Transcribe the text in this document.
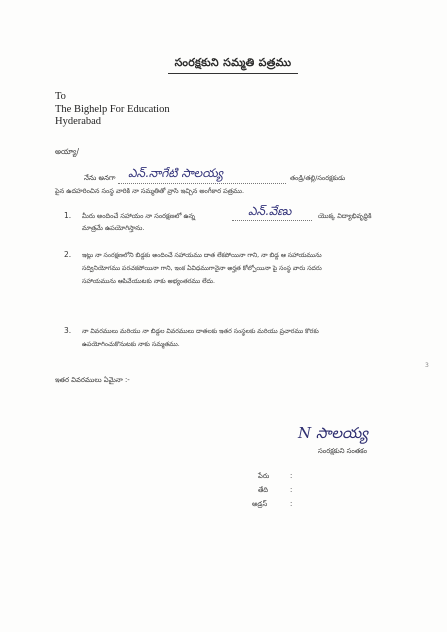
సంరక్షకుని సమ్మతి పత్రము
To
The Bighelp For Education
Hyderabad
అయ్యా/
నేను అనగా ఎన్.నాగేటి సాలయ్య	తండ్రి/తల్లి/సంరక్షకుడు
పైన ఉదహరించిన సంస్థ వారికి నా సమ్మతితో వ్రాసి ఇచ్చిన అంగీకార పత్రము.
1. మీరు అందించే సహాయం నా సంరక్షణలో ఉన్న	ఎన్.వేణు	యొక్క విద్యాభివృద్ధికి
మాత్రమే ఉపయోగిస్తాను.
2. ఇట్లు నా సంరక్షణలోని బిడ్డకు అందించే సహాయము దాత లేకపోయినా గాని, నా బిడ్డ ఆ సహాయమును
సద్వినియోగము పరచకపోయినా గాని, ఇంక ఏవిధముగానైనా అర్హత కోల్పోయినా పై సంస్థ వారు సదరు
సహాయమును ఆపివేయుటకు నాకు అభ్యంతరము లేదు.
3. నా వివరములు మరియు నా బిడ్డల వివరములు దాతలకు ఇతర సంస్థలకు మరియు ప్రచారము కొరకు
ఉపయోగించుకొనుటకు నాకు సమ్మతము.
ఇతర వివరములు ఏమైనా :-
3
N సాలయ్య
సంరక్షకుని సంతకం
పేరు	:
తేది	:
అడ్రస్	:
